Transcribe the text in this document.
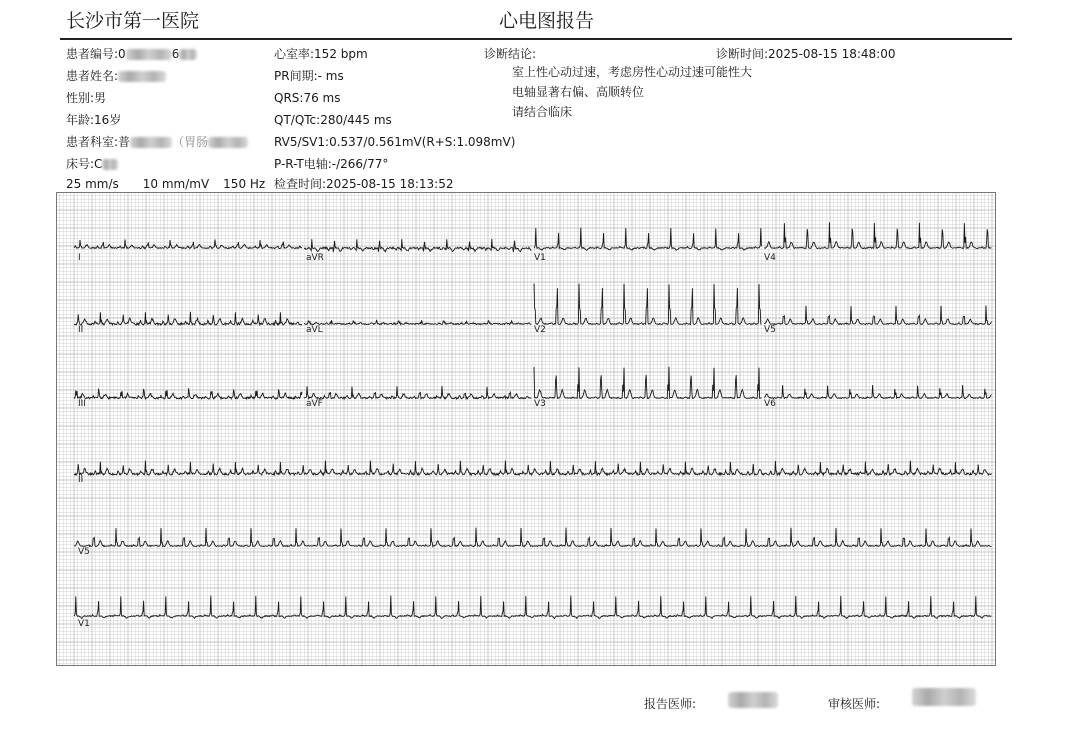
长沙市第一医院	心电图报告
患者编号:0	6
患者姓名:
性别:男
年龄:16岁
患者科室:普	（胃肠
床号:C
25 mm/s 10 mm/mV 150 Hz
心室率:152 bpm
PR间期:- ms
QRS:76 ms
QT/QTc:280/445 ms
RV5/SV1:0.537/0.561mV(R+S:1.098mV)
P-R-T电轴:-/266/77°
检查时间:2025-08-15 18:13:52
诊断结论:	诊断时间:2025-08-15 18:48:00
室上性心动过速，考虑房性心动过速可能性大
电轴显著右偏、高顺转位
请结合临床
I	aVR	V1	V4
II	aVL	V2	V5
III	aVF	V3	V6
II
V5
V1
报告医师:	审核医师:
